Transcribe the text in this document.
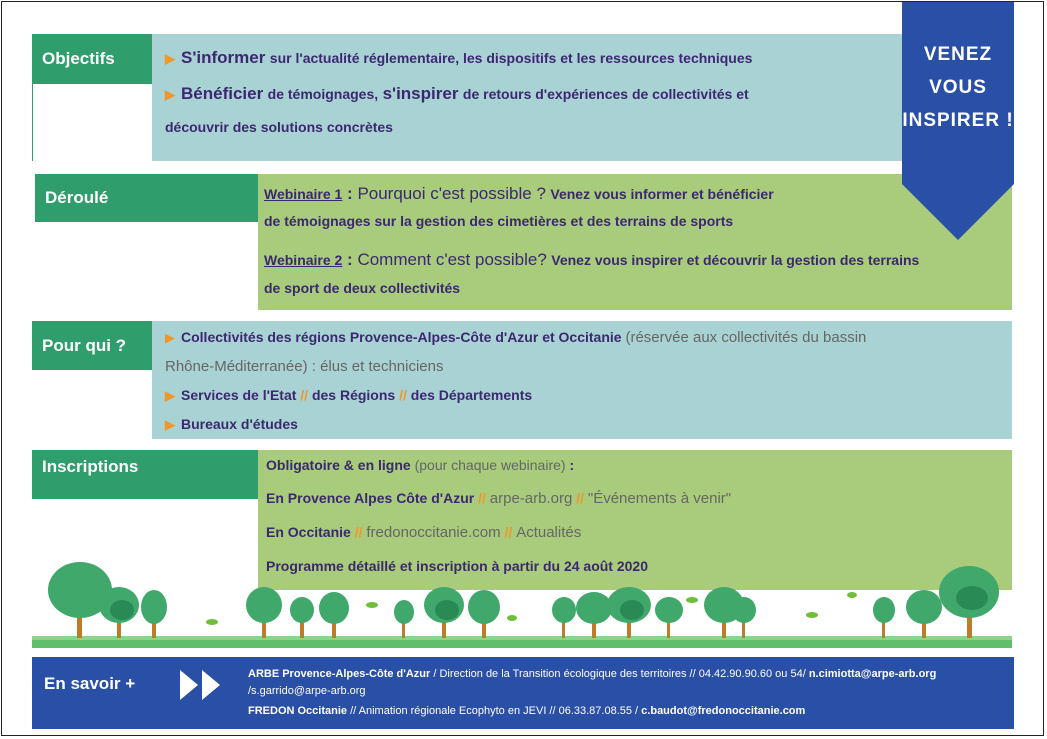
Objectifs	▶ S'informer sur l'actualité réglementaire, les dispositifs et les ressources techniques
▶ Bénéficier de témoignages, s'inspirer de retours d'expériences de collectivités et
découvrir des solutions concrètes
Déroulé	Webinaire 1 : Pourquoi c'est possible ? Venez vous informer et bénéficier
de témoignages sur la gestion des cimetières et des terrains de sports
Webinaire 2 : Comment c'est possible? Venez vous inspirer et découvrir la gestion des terrains
de sport de deux collectivités
VENEZ
VOUS
INSPIRER !
Pour qui ?	▶ Collectivités des régions Provence-Alpes-Côte d'Azur et Occitanie (réservée aux collectivités du bassin
Rhône-Méditerranée) : élus et techniciens
▶ Services de l'Etat // des Régions // des Départements
▶ Bureaux d'études
Inscriptions	Obligatoire & en ligne (pour chaque webinaire) :
En Provence Alpes Côte d'Azur // arpe-arb.org // "Événements à venir"
En Occitanie // fredonoccitanie.com // Actualités
Programme détaillé et inscription à partir du 24 août 2020
En savoir +	ARBE Provence-Alpes-Côte d'Azur / Direction de la Transition écologique des territoires // 04.42.90.90.60 ou 54/ n.cimiotta@arpe-arb.org
/s.garrido@arpe-arb.org
FREDON Occitanie // Animation régionale Ecophyto en JEVI // 06.33.87.08.55 / c.baudot@fredonoccitanie.com
